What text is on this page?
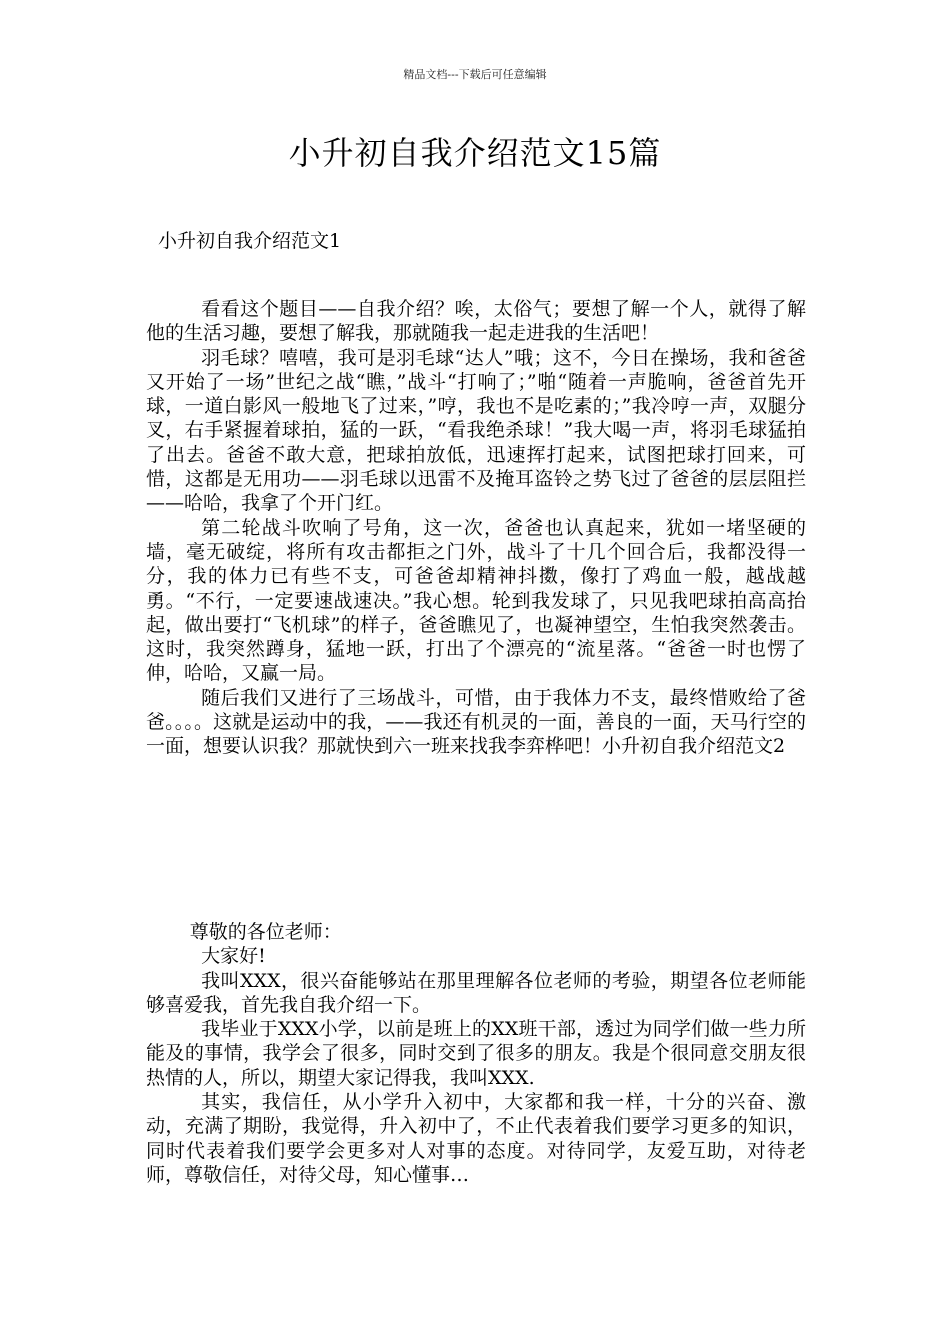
精品文档---下载后可任意编辑
小升初自我介绍范文15篇
小升初自我介绍范文1

看看这个题目——自我介绍？唉，太俗气；要想了解一个人，就得了解他的生活习趣，要想了解我，那就随我一起走进我的生活吧！

羽毛球？嘻嘻，我可是羽毛球“达人”哦；这不，今日在操场，我和爸爸又开始了一场”世纪之战“瞧，”战斗“打响了；”啪“随着一声脆响，爸爸首先开球，一道白影风一般地飞了过来，”哼，我也不是吃素的；”我冷哼一声，双腿分叉，右手紧握着球拍，猛的一跃，“看我绝杀球！”我大喝一声，将羽毛球猛拍了出去。爸爸不敢大意，把球拍放低，迅速挥打起来，试图把球打回来，可惜，这都是无用功——羽毛球以迅雷不及掩耳盗铃之势飞过了爸爸的层层阻拦——哈哈，我拿了个开门红。

第二轮战斗吹响了号角，这一次，爸爸也认真起来，犹如一堵坚硬的墙，毫无破绽，将所有攻击都拒之门外，战斗了十几个回合后，我都没得一分，我的体力已有些不支，可爸爸却精神抖擞，像打了鸡血一般，越战越勇。“不行，一定要速战速决。”我心想。轮到我发球了，只见我吧球拍高高抬起，做出要打“飞机球”的样子，爸爸瞧见了，也凝神望空，生怕我突然袭击。这时，我突然蹲身，猛地一跃，打出了个漂亮的“流星落。“爸爸一时也愣了伸，哈哈，又赢一局。

随后我们又进行了三场战斗，可惜，由于我体力不支，最终惜败给了爸爸。。。。这就是运动中的我，——我还有机灵的一面，善良的一面，天马行空的一面，想要认识我？那就快到六一班来找我李弈桦吧！小升初自我介绍范文2

尊敬的各位老师：

大家好!

我叫XXX，很兴奋能够站在那里理解各位老师的考验，期望各位老师能够喜爱我，首先我自我介绍一下。

我毕业于XXX小学，以前是班上的XX班干部，透过为同学们做一些力所能及的事情，我学会了很多，同时交到了很多的朋友。我是个很同意交朋友很热情的人，所以，期望大家记得我，我叫XXX.

其实，我信任，从小学升入初中，大家都和我一样，十分的兴奋、激动，充满了期盼，我觉得，升入初中了，不止代表着我们要学习更多的知识，同时代表着我们要学会更多对人对事的态度。对待同学，友爱互助，对待老师，尊敬信任，对待父母，知心懂事…
